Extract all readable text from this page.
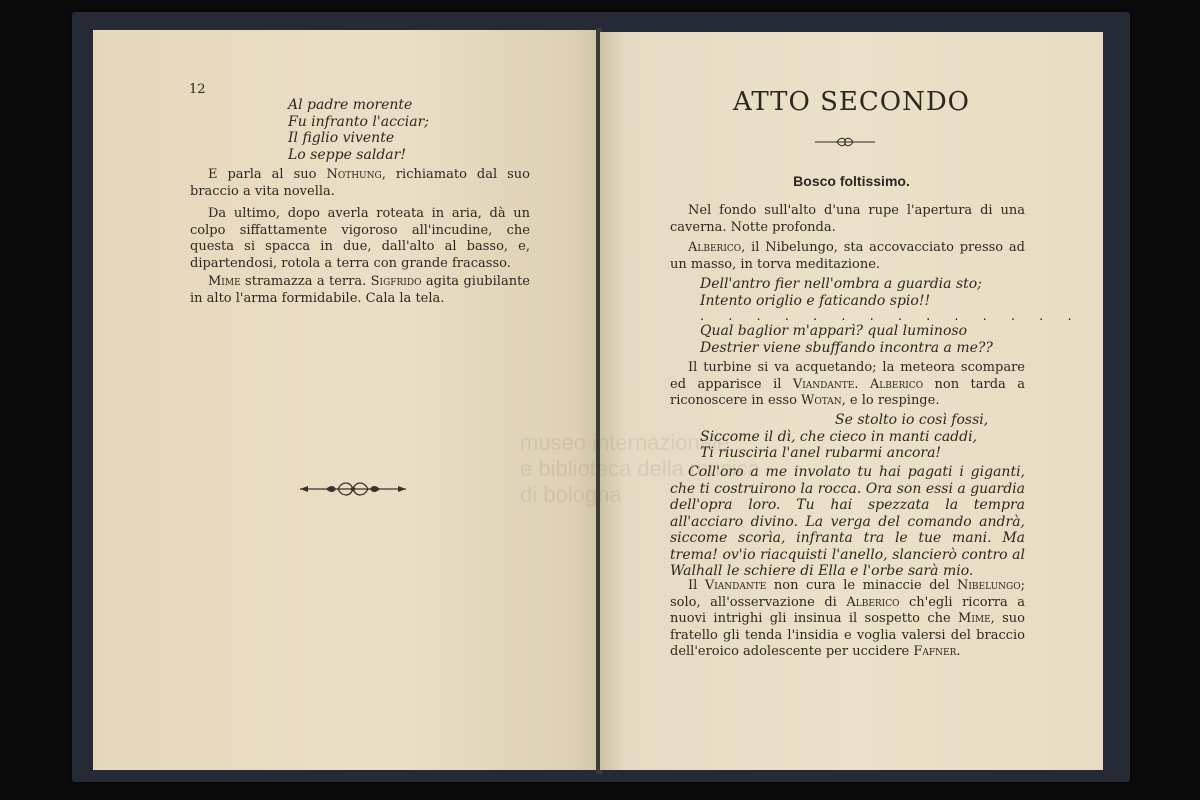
12
Al padre morente
Fu infranto l'acciar;
Il figlio vivente
Lo seppe saldar!
E parla al suo Nothung, richiamato dal suo braccio a vita novella.
Da ultimo, dopo averla roteata in aria, dà un colpo siffattamente vigoroso all'incudine, che questa si spacca in due, dall'alto al basso, e, dipartendosi, rotola a terra con grande fracasso.
Mime stramazza a terra. Sigfrido agita giubilante in alto l'arma formidabile. Cala la tela.
ATTO SECONDO
Bosco foltissimo.
Nel fondo sull'alto d'una rupe l'apertura di una caverna. Notte profonda.
Alberico, il Nibelungo, sta accovacciato presso ad un masso, in torva meditazione.
Dell'antro fier nell'ombra a guardia sto;
Intento origlio e faticando spio!!
. . . . . . . . . . . . . .
Qual baglior m'apparì? qual luminoso
Destrier viene sbuffando incontra a me??
Il turbine si va acquetando; la meteora scompare ed apparisce il Viandante. Alberico non tarda a riconoscere in esso Wotan, e lo respinge.
Se stolto io così fossi,
Siccome il dì, che cieco in manti caddi,
Ti riusciria l'anel rubarmi ancora!
Coll'oro a me involato tu hai pagati i giganti, che ti costruirono la rocca. Ora son essi a guardia dell'opra loro. Tu hai spezzata la tempra all'acciaro divino. La verga del comando andrà, siccome scorìa, infranta tra le tue mani. Ma trema! ov'io riacquisti l'anello, slancierò contro al Walhall le schiere di Ella e l'orbe sarà mio.
Il Viandante non cura le minaccie del Nibelungo; solo, all'osservazione di Alberico ch'egli ricorra a nuovi intrighi gli insinua il sospetto che Mime, suo fratello gli tenda l'insidia e voglia valersi del braccio dell'eroico adolescente per uccidere Fafner.
museo internazionale
e biblioteca della musica
di bologna
